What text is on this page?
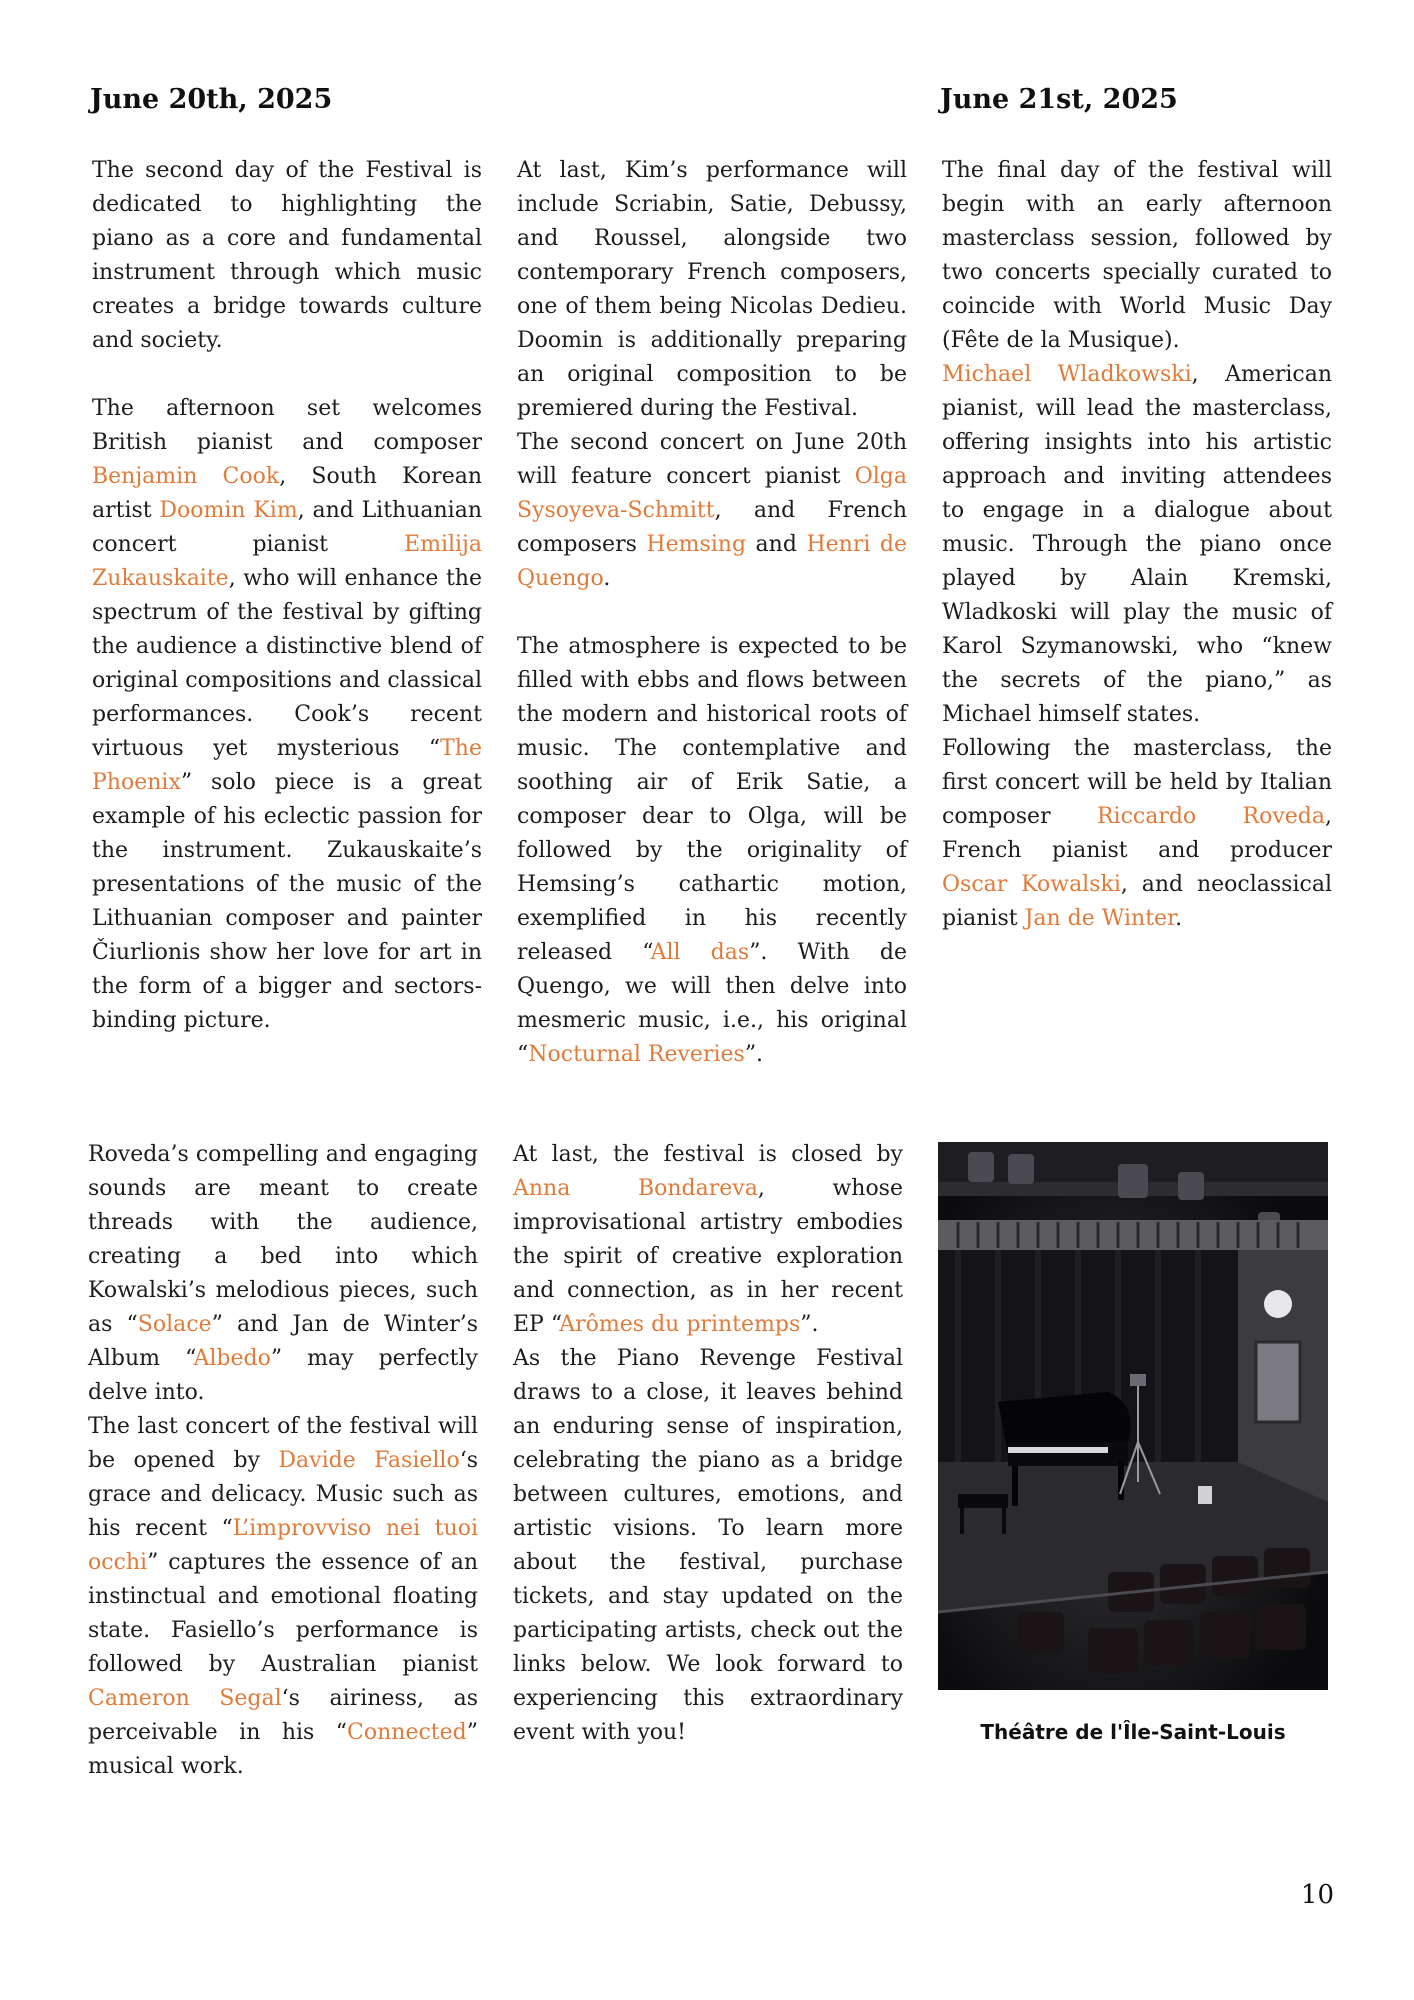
June 20th, 2025	June 21st, 2025

The second day of the Festival is dedicated to highlighting the piano as a core and fundamental instrument through which music creates a bridge towards culture and society.

The afternoon set welcomes British pianist and composer Benjamin Cook, South Korean artist Doomin Kim, and Lithuanian concert pianist Emilija Zukauskaite, who will enhance the spectrum of the festival by gifting the audience a distinctive blend of original compositions and classical performances. Cook’s recent virtuous yet mysterious “The Phoenix” solo piece is a great example of his eclectic passion for the instrument. Zukauskaite’s presentations of the music of the Lithuanian composer and painter Čiurlionis show her love for art in the form of a bigger and sectors-binding picture.

At last, Kim’s performance will include Scriabin, Satie, Debussy, and Roussel, alongside two contemporary French composers, one of them being Nicolas Dedieu. Doomin is additionally preparing an original composition to be premiered during the Festival.

The second concert on June 20th will feature concert pianist Olga Sysoyeva-Schmitt, and French composers Hemsing and Henri de Quengo.

The atmosphere is expected to be filled with ebbs and flows between the modern and historical roots of music. The contemplative and soothing air of Erik Satie, a composer dear to Olga, will be followed by the originality of Hemsing’s cathartic motion, exemplified in his recently released “All das”. With de Quengo, we will then delve into mesmeric music, i.e., his original “Nocturnal Reveries”.

The final day of the festival will begin with an early afternoon masterclass session, followed by two concerts specially curated to coincide with World Music Day (Fête de la Musique).

Michael Wladkowski, American pianist, will lead the masterclass, offering insights into his artistic approach and inviting attendees to engage in a dialogue about music. Through the piano once played by Alain Kremski, Wladkoski will play the music of Karol Szymanowski, who “knew the secrets of the piano,” as Michael himself states.

Following the masterclass, the first concert will be held by Italian composer Riccardo Roveda, French pianist and producer Oscar Kowalski, and neoclassical pianist Jan de Winter.

Roveda’s compelling and engaging sounds are meant to create threads with the audience, creating a bed into which Kowalski’s melodious pieces, such as “Solace” and Jan de Winter’s Album “Albedo” may perfectly delve into.

The last concert of the festival will be opened by Davide Fasiello‘s grace and delicacy. Music such as his recent “L’improvviso nei tuoi occhi” captures the essence of an instinctual and emotional floating state. Fasiello’s performance is followed by Australian pianist Cameron Segal‘s airiness, as perceivable in his “Connected” musical work.

At last, the festival is closed by Anna Bondareva, whose improvisational artistry embodies the spirit of creative exploration and connection, as in her recent EP “Arômes du printemps”.

As the Piano Revenge Festival draws to a close, it leaves behind an enduring sense of inspiration, celebrating the piano as a bridge between cultures, emotions, and artistic visions. To learn more about the festival, purchase tickets, and stay updated on the participating artists, check out the links below. We look forward to experiencing this extraordinary event with you!	Théâtre de l'Île-Saint-Louis
10
